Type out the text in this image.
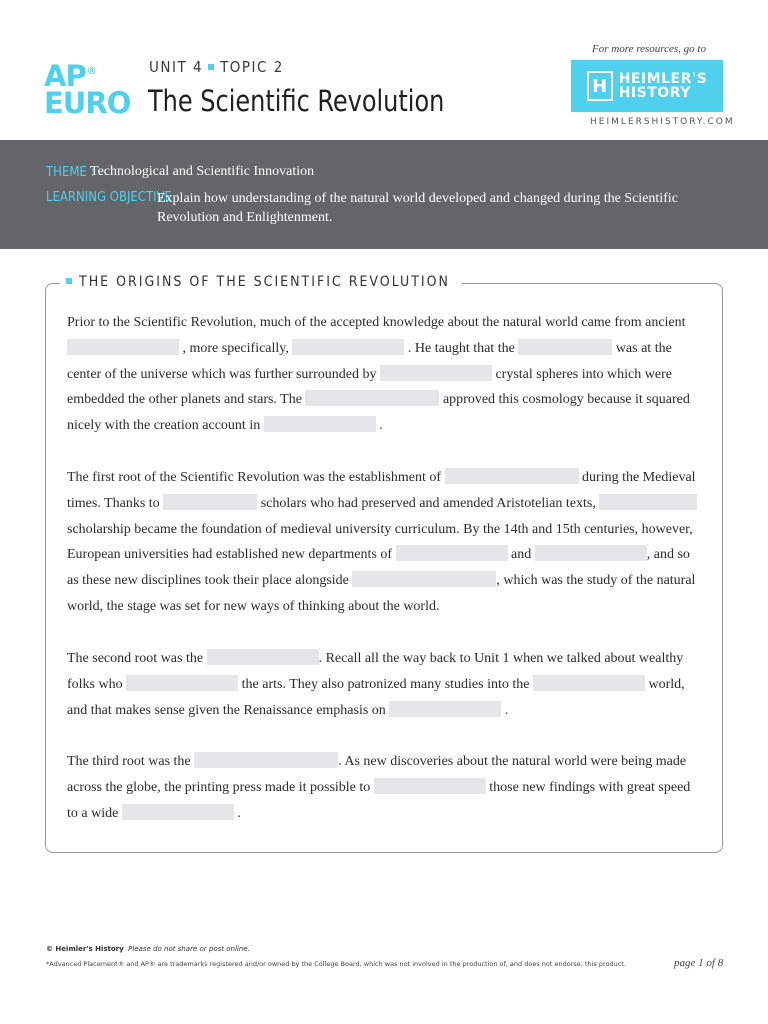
AP®
EURO
UNIT 4 TOPIC 2
The Scientific Revolution
For more resources, go to
H HEIMLER'S
HISTORY
HEIMLERSHISTORY.COM
THEME :
Technological and Scientific Innovation
LEARNING OBJECTIVE :
Explain how understanding of the natural world developed and changed during the Scientific Revolution and Enlightenment.
THE ORIGINS OF THE SCIENTIFIC REVOLUTION
Prior to the Scientific Revolution, much of the accepted knowledge about the natural world came from ancient
, more specifically,	. He taught that the	was at the
center of the universe which was further surrounded by	crystal spheres into which were
embedded the other planets and stars. The	approved this cosmology because it squared
nicely with the creation account in	.
The first root of the Scientific Revolution was the establishment of	during the Medieval
times. Thanks to	scholars who had preserved and amended Aristotelian texts,
scholarship became the foundation of medieval university curriculum. By the 14th and 15th centuries, however,
European universities had established new departments of	and	, and so
as these new disciplines took their place alongside	, which was the study of the natural
world, the stage was set for new ways of thinking about the world.
The second root was the	. Recall all the way back to Unit 1 when we talked about wealthy
folks who	the arts. They also patronized many studies into the	world,
and that makes sense given the Renaissance emphasis on	.
The third root was the	. As new discoveries about the natural world were being made
across the globe, the printing press made it possible to	those new findings with great speed
to a wide	.
© Heimler's History Please do not share or post online.
*Advanced Placement® and AP® are trademarks registered and/or owned by the College Board, which was not involved in the production of, and does not endorse, this product.	page 1 of 8
